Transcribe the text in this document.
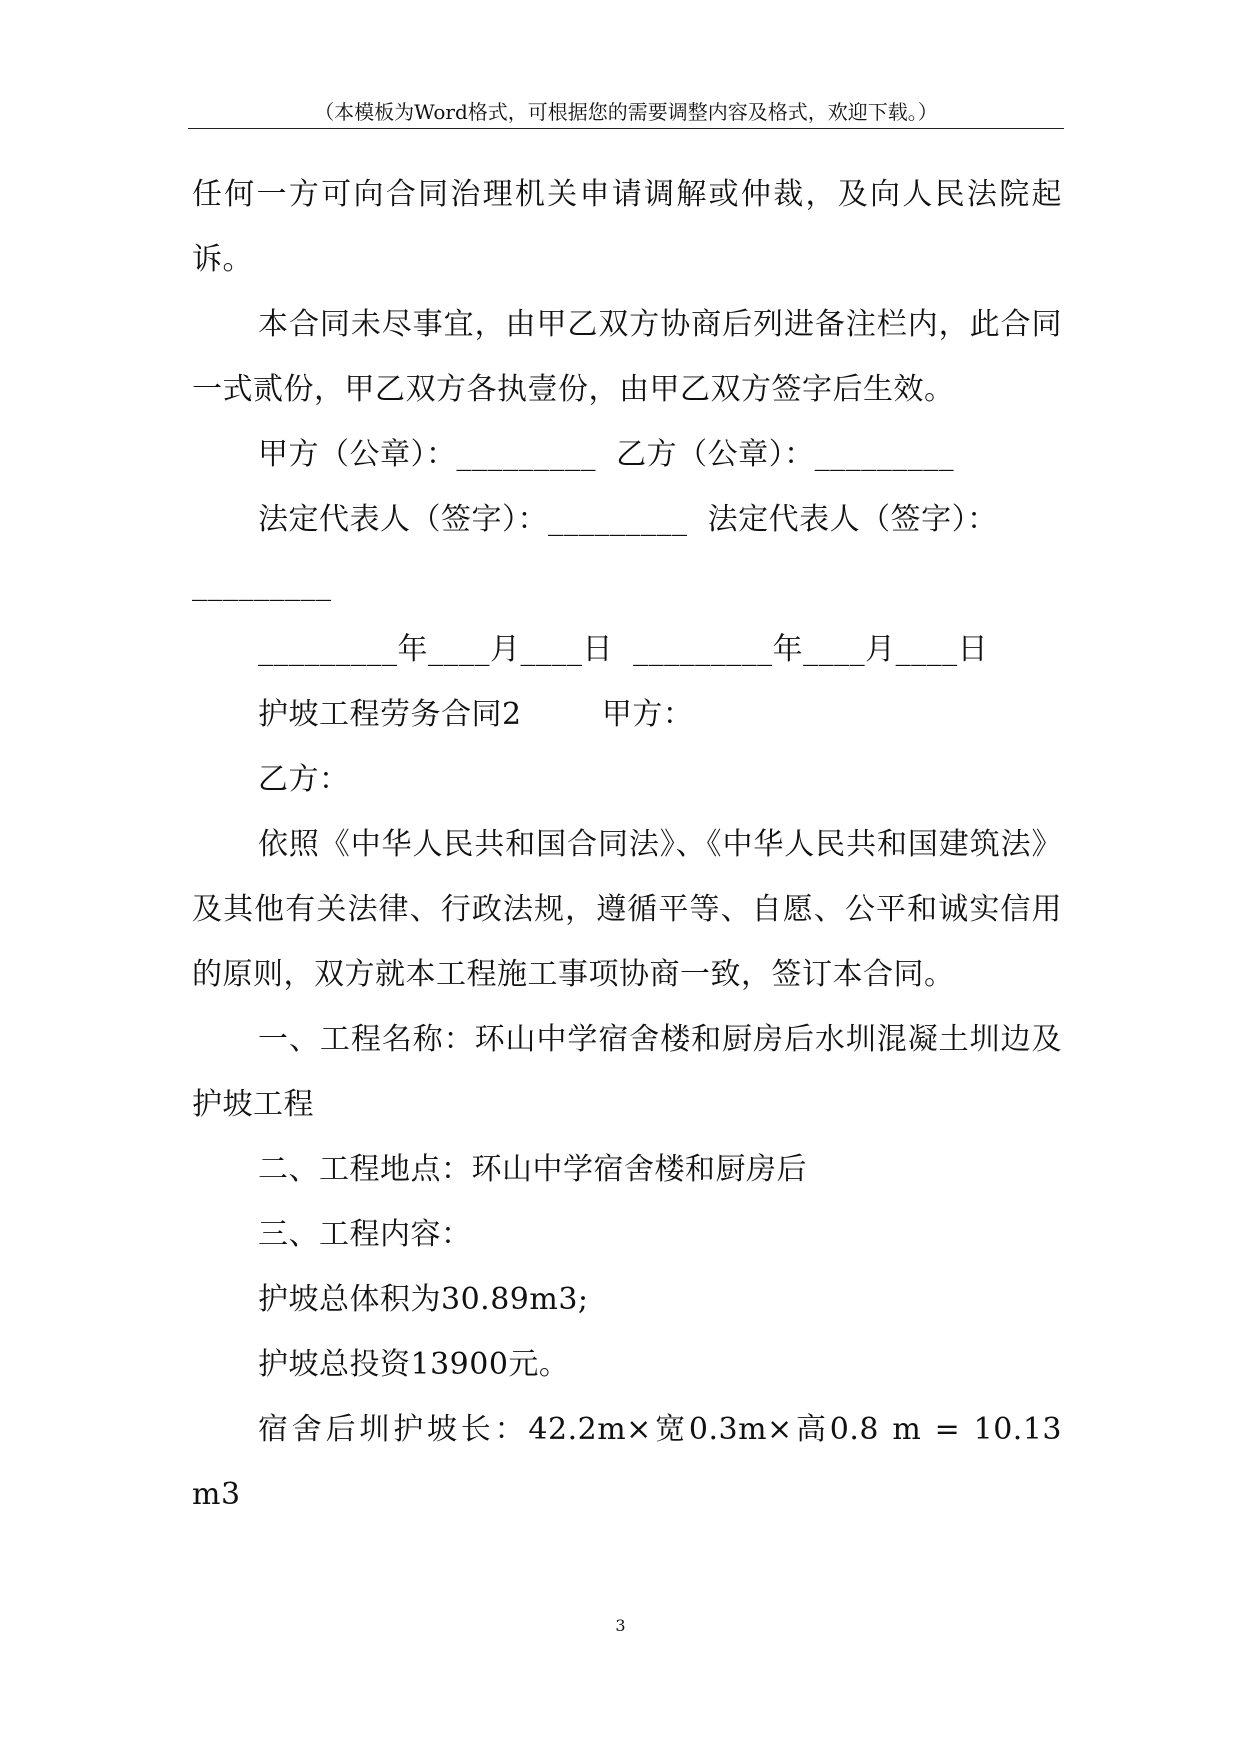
（本模板为Word格式，可根据您的需要调整内容及格式，欢迎下载。）

任何一方可向合同治理机关申请调解或仲裁，及向人民法院起诉。

本合同未尽事宜，由甲乙双方协商后列进备注栏内，此合同一式贰份，甲乙双方各执壹份，由甲乙双方签字后生效。

甲方（公章）：_________  乙方（公章）：_________

法定代表人（签字）：_________  法定代表人（签字）：

_________

_________年____月____日  _________年____月____日

护坡工程劳务合同2        甲方：

乙方：

依照《中华人民共和国合同法》、《中华人民共和国建筑法》及其他有关法律、行政法规，遵循平等、自愿、公平和诚实信用的原则，双方就本工程施工事项协商一致，签订本合同。

一、工程名称：环山中学宿舍楼和厨房后水圳混凝土圳边及护坡工程

二、工程地点：环山中学宿舍楼和厨房后

三、工程内容：

护坡总体积为30.89m3;

护坡总投资13900元。

宿舍后圳护坡长：42.2m×宽0.3m×高0.8 m = 10.13 m3

3
